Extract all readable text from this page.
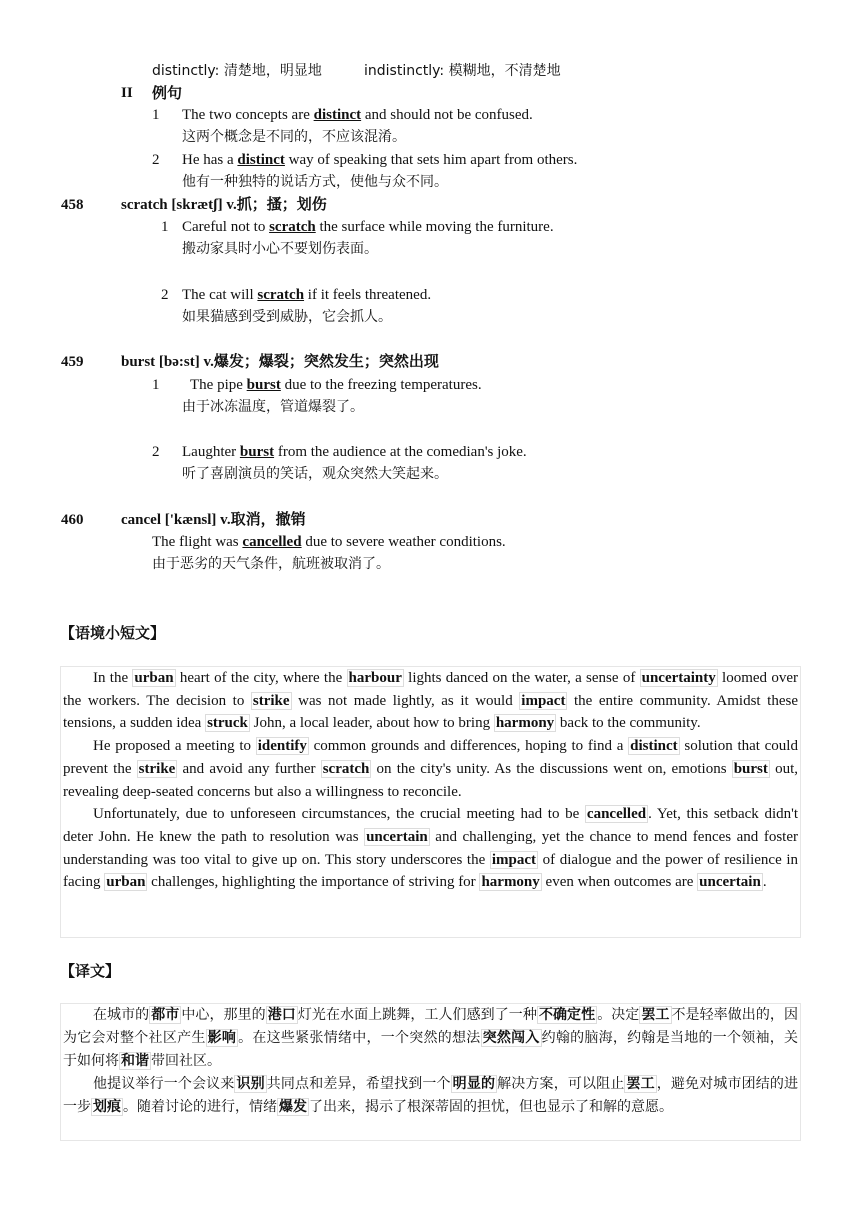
distinctly: 清楚地，明显地	indistinctly: 模糊地，不清楚地
II 例句
1 The two concepts are distinct and should not be confused.
这两个概念是不同的，不应该混淆。
2 He has a distinct way of speaking that sets him apart from others.
他有一种独特的说话方式，使他与众不同。
458	scratch [skrætʃ] v.抓；搔；划伤
1 Careful not to scratch the surface while moving the furniture.
搬动家具时小心不要划伤表面。
2 The cat will scratch if it feels threatened.
如果猫感到受到威胁，它会抓人。
459	burst [bə:st] v.爆发；爆裂；突然发生；突然出现
1 The pipe burst due to the freezing temperatures.
由于冰冻温度，管道爆裂了。
2 Laughter burst from the audience at the comedian's joke.
听了喜剧演员的笑话，观众突然大笑起来。
460	cancel ['kænsl] v.取消，撤销
The flight was cancelled due to severe weather conditions.
由于恶劣的天气条件，航班被取消了。
【语境小短文】

In the urban heart of the city, where the harbour lights danced on the water, a sense of uncertainty loomed over the workers. The decision to strike was not made lightly, as it would impact the entire community. Amidst these tensions, a sudden idea struck John, a local leader, about how to bring harmony back to the community.

He proposed a meeting to identify common grounds and differences, hoping to find a distinct solution that could prevent the strike and avoid any further scratch on the city's unity. As the discussions went on, emotions burst out, revealing deep-seated concerns but also a willingness to reconcile.

Unfortunately, due to unforeseen circumstances, the crucial meeting had to be cancelled . Yet, this setback didn't deter John. He knew the path to resolution was uncertain and challenging, yet the chance to mend fences and foster understanding was too vital to give up on. This story underscores the impact of dialogue and the power of resilience in facing urban challenges, highlighting the importance of striving for harmony even when outcomes are uncertain .

【译文】

在城市的 都市 中心，那里的 港口 灯光在水面上跳舞，工人们感到了一种 不确定性 。决定 罢工 不是轻率做出的，因为它会对整个社区产生 影响 。在这些紧张情绪中，一个突然的想法 突然闯入 约翰的脑海，约翰是当地的一个领袖，关于如何将 和谐 带回社区。

他提议举行一个会议来 识别 共同点和差异，希望找到一个 明显的 解决方案，可以阻止 罢工 ，避免对城市团结的进一步 划痕 。随着讨论的进行，情绪 爆发 了出来，揭示了根深蒂固的担忧，但也显示了和解的意愿。
